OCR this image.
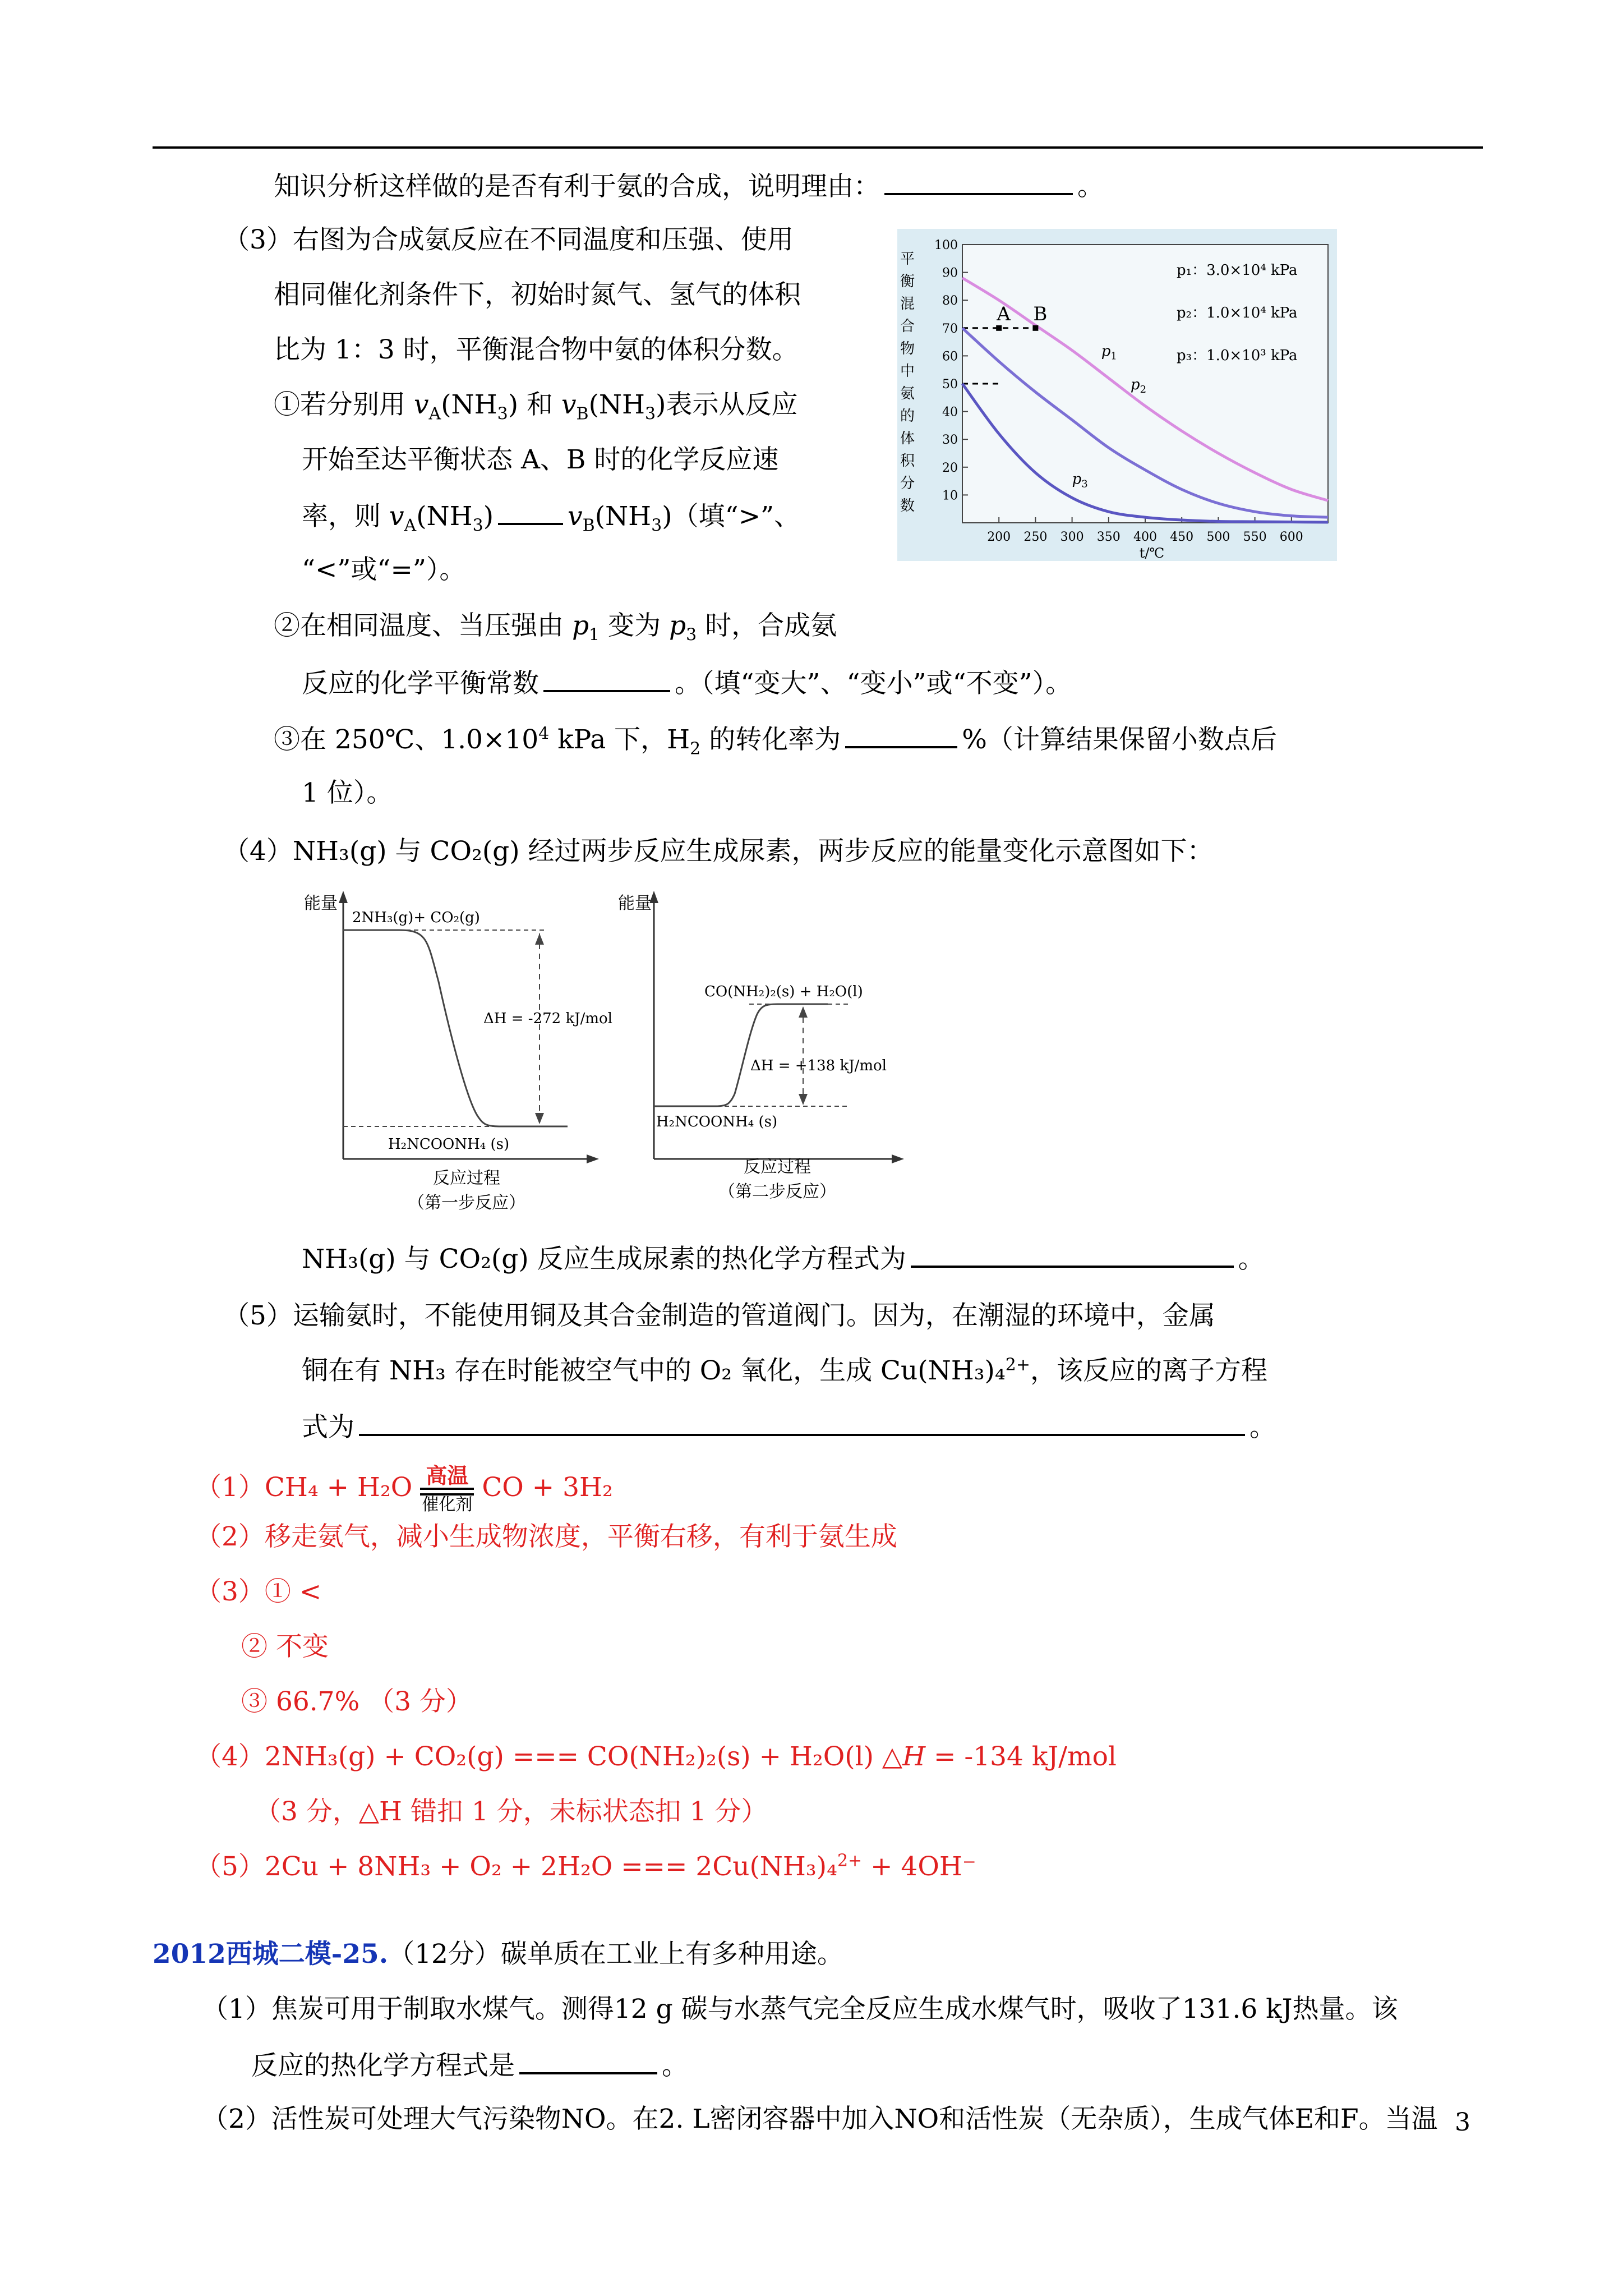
知识分析这样做的是否有利于氨的合成，说明理由：	。
（3）右图为合成氨反应在不同温度和压强、使用
相同催化剂条件下，初始时氮气、氢气的体积
比为 1：3 时，平衡混合物中氨的体积分数。
①若分别用 $v_A(NH_3)$ 和 $v_B(NH_3)$表示从反应
开始至达平衡状态 A、B 时的化学反应速
率，则 $v_A(NH_3)$	$v_B(NH_3)$（填“>”、
“<”或“=”）。
②在相同温度、当压强由 $p_1$ 变为 $p_3$ 时，合成氨
反应的化学平衡常数	。（填“变大”、“变小”或“不变”）。
③在 250℃、$1.0\times 10^4$ kPa 下，$H_2$ 的转化率为	%（计算结果保留小数点后
1 位）。
10
20
30
40
50
60
70
80
90
100
200 250 300 350 400 450 500 550 600
$p_1$
$p_2$
$p_3$
A B
平衡混合物中氨的体积分数
t/℃
p₁：3.0×10⁴ kPa
p₂：1.0×10⁴ kPa
p₃：1.0×10³ kPa
（4）NH₃(g) 与 CO₂(g) 经过两步反应生成尿素，两步反应的能量变化示意图如下：
能量
2NH₃(g)+ CO₂(g)
ΔH = -272 kJ/mol
H₂NCOONH₄ (s)
反应过程
（第一步反应）
能量
CO(NH₂)₂(s) + H₂O(l)
ΔH = +138 kJ/mol
H₂NCOONH₄ (s)
反应过程
（第二步反应）
NH₃(g) 与 CO₂(g) 反应生成尿素的热化学方程式为	。
（5）运输氨时，不能使用铜及其合金制造的管道阀门。因为，在潮湿的环境中，金属
铜在有 NH₃ 存在时能被空气中的 O₂ 氧化，生成 Cu(NH₃)₄$^{2+}$，该反应的离子方程
式为	。
（1）CH₄ + H₂O 高温
催化剂
CO + 3H₂
（2）移走氨气，减小生成物浓度，平衡右移，有利于氨生成
（3）① <
② 不变
③ 66.7% （3 分）
（4）2NH₃(g) + CO₂(g) === CO(NH₂)₂(s) + H₂O(l) △H = -134 kJ/mol
（3 分，△H 错扣 1 分，未标状态扣 1 分）
（5）2Cu + 8NH₃ + O₂ + 2H₂O === 2Cu(NH₃)₄$^{2+}$ + 4OH⁻
2012西城二模-25.（12分）碳单质在工业上有多种用途。
（1）焦炭可用于制取水煤气。测得12 g 碳与水蒸气完全反应生成水煤气时，吸收了131.6 kJ热量。该
反应的热化学方程式是	。
（2）活性炭可处理大气污染物NO。在2. L密闭容器中加入NO和活性炭（无杂质），生成气体E和F。当温 3
